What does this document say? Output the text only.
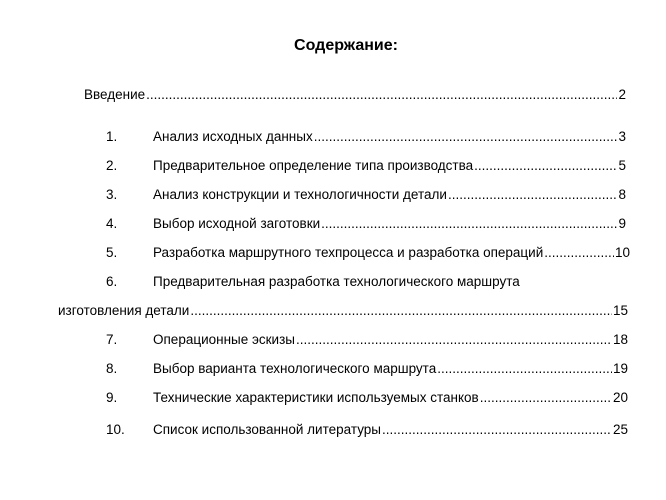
Содержание:
Введение .....	2
1.	Анализ исходных данных .....	3
2.	Предварительное определение типа производства .....	5
3.	Анализ конструкции и технологичности детали .....	8
4.	Выбор исходной заготовки .....	9
5.	Разработка маршрутного техпроцесса и разработка операций .....	10
6.	Предварительная разработка технологического маршрута
изготовления детали .....	15
7.	Операционные эскизы .....	18
8.	Выбор варианта технологического маршрута .....	19
9.	Технические характеристики используемых станков .....	20
10. Список использованной литературы .....	25
